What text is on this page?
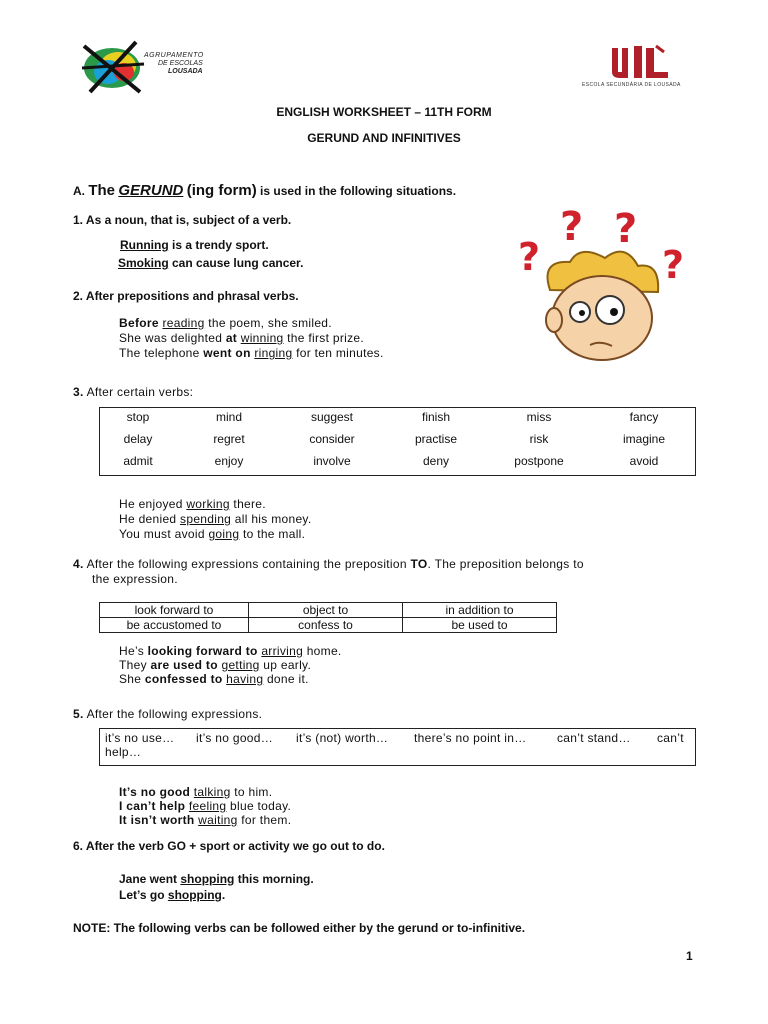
AGRUPAMENTO
DE ESCOLAS
LOUSADA
ESCOLA SECUNDÁRIA DE LOUSADA
ENGLISH WORKSHEET – 11TH FORM
GERUND AND INFINITIVES
A. The GERUND (ing form) is used in the following situations.
?
? ?
?
1. As a noun, that is, subject of a verb.
Running is a trendy sport.
Smoking can cause lung cancer.
2. After prepositions and phrasal verbs.
Before reading the poem, she smiled.
She was delighted at winning the first prize.
The telephone went on ringing for ten minutes.
3. After certain verbs:
stop	mind	suggest	finish	miss	fancy
delay	regret	consider	practise	risk	imagine
admit	enjoy	involve	deny	postpone	avoid
He enjoyed working there.
He denied spending all his money.
You must avoid going to the mall.
4. After the following expressions containing the preposition TO. The preposition belongs to
the expression.
look forward to	object to	in addition to
be accustomed to	confess to	be used to
He’s looking forward to arriving home.
They are used to getting up early.
She confessed to having done it.
5. After the following expressions.
it’s no use… it’s no good… it’s (not) worth… there’s no point in…	can’t stand… can’t
help…
It’s no good talking to him.
I can’t help feeling blue today.
It isn’t worth waiting for them.
6. After the verb GO + sport or activity we go out to do.
Jane went shopping this morning.
Let’s go shopping.
NOTE: The following verbs can be followed either by the gerund or to-infinitive.
1
